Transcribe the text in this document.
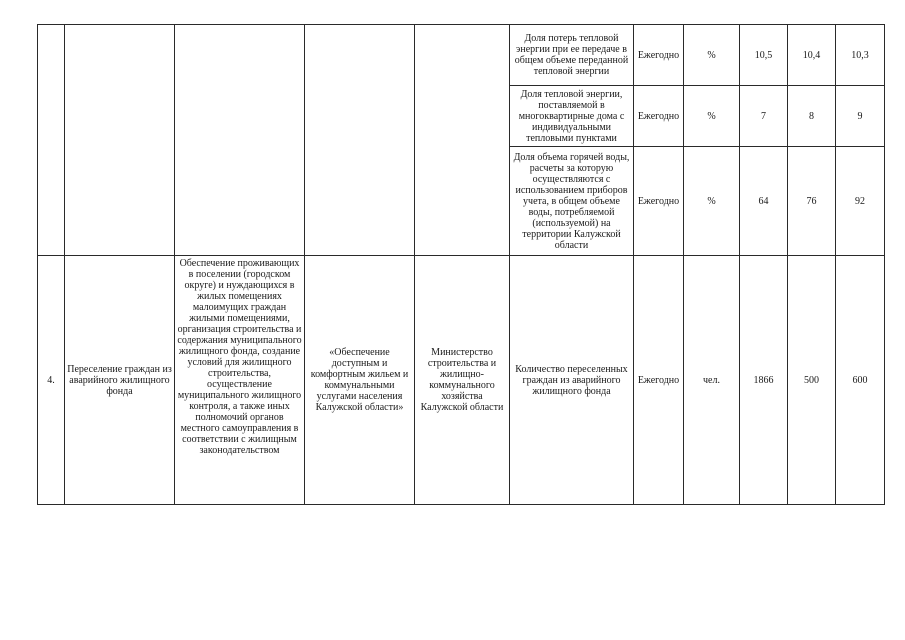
					Доля потерь тепловой энергии при ее передаче в общем объеме переданной тепловой энергии	Ежегодно	%	10,5	10,4	10,3
					Доля тепловой энергии, поставляемой в многоквартирные дома с индивидуальными тепловыми пунктами	Ежегодно	%	7	8	9
					Доля объема горячей воды, расчеты за которую осуществляются с использованием приборов учета, в общем объеме воды, потребляемой (используемой) на территории Калужской области	Ежегодно	%	64	76	92
4.	Переселение граждан из аварийного жилищного фонда	Обеспечение проживающих в поселении (городском округе) и нуждающихся в жилых помещениях малоимущих граждан жилыми помещениями, организация строительства и содержания муниципального жилищного фонда, создание условий для жилищного строительства, осуществление муниципального жилищного контроля, а также иных полномочий органов местного самоуправления в соответствии с жилищным законодательством	«Обеспечение доступным и комфортным жильем и коммунальными услугами населения Калужской области»	Министерство строительства и жилищно-коммунального хозяйства Калужской области	Количество переселенных граждан из аварийного жилищного фонда	Ежегодно	чел.	1866	500	600
